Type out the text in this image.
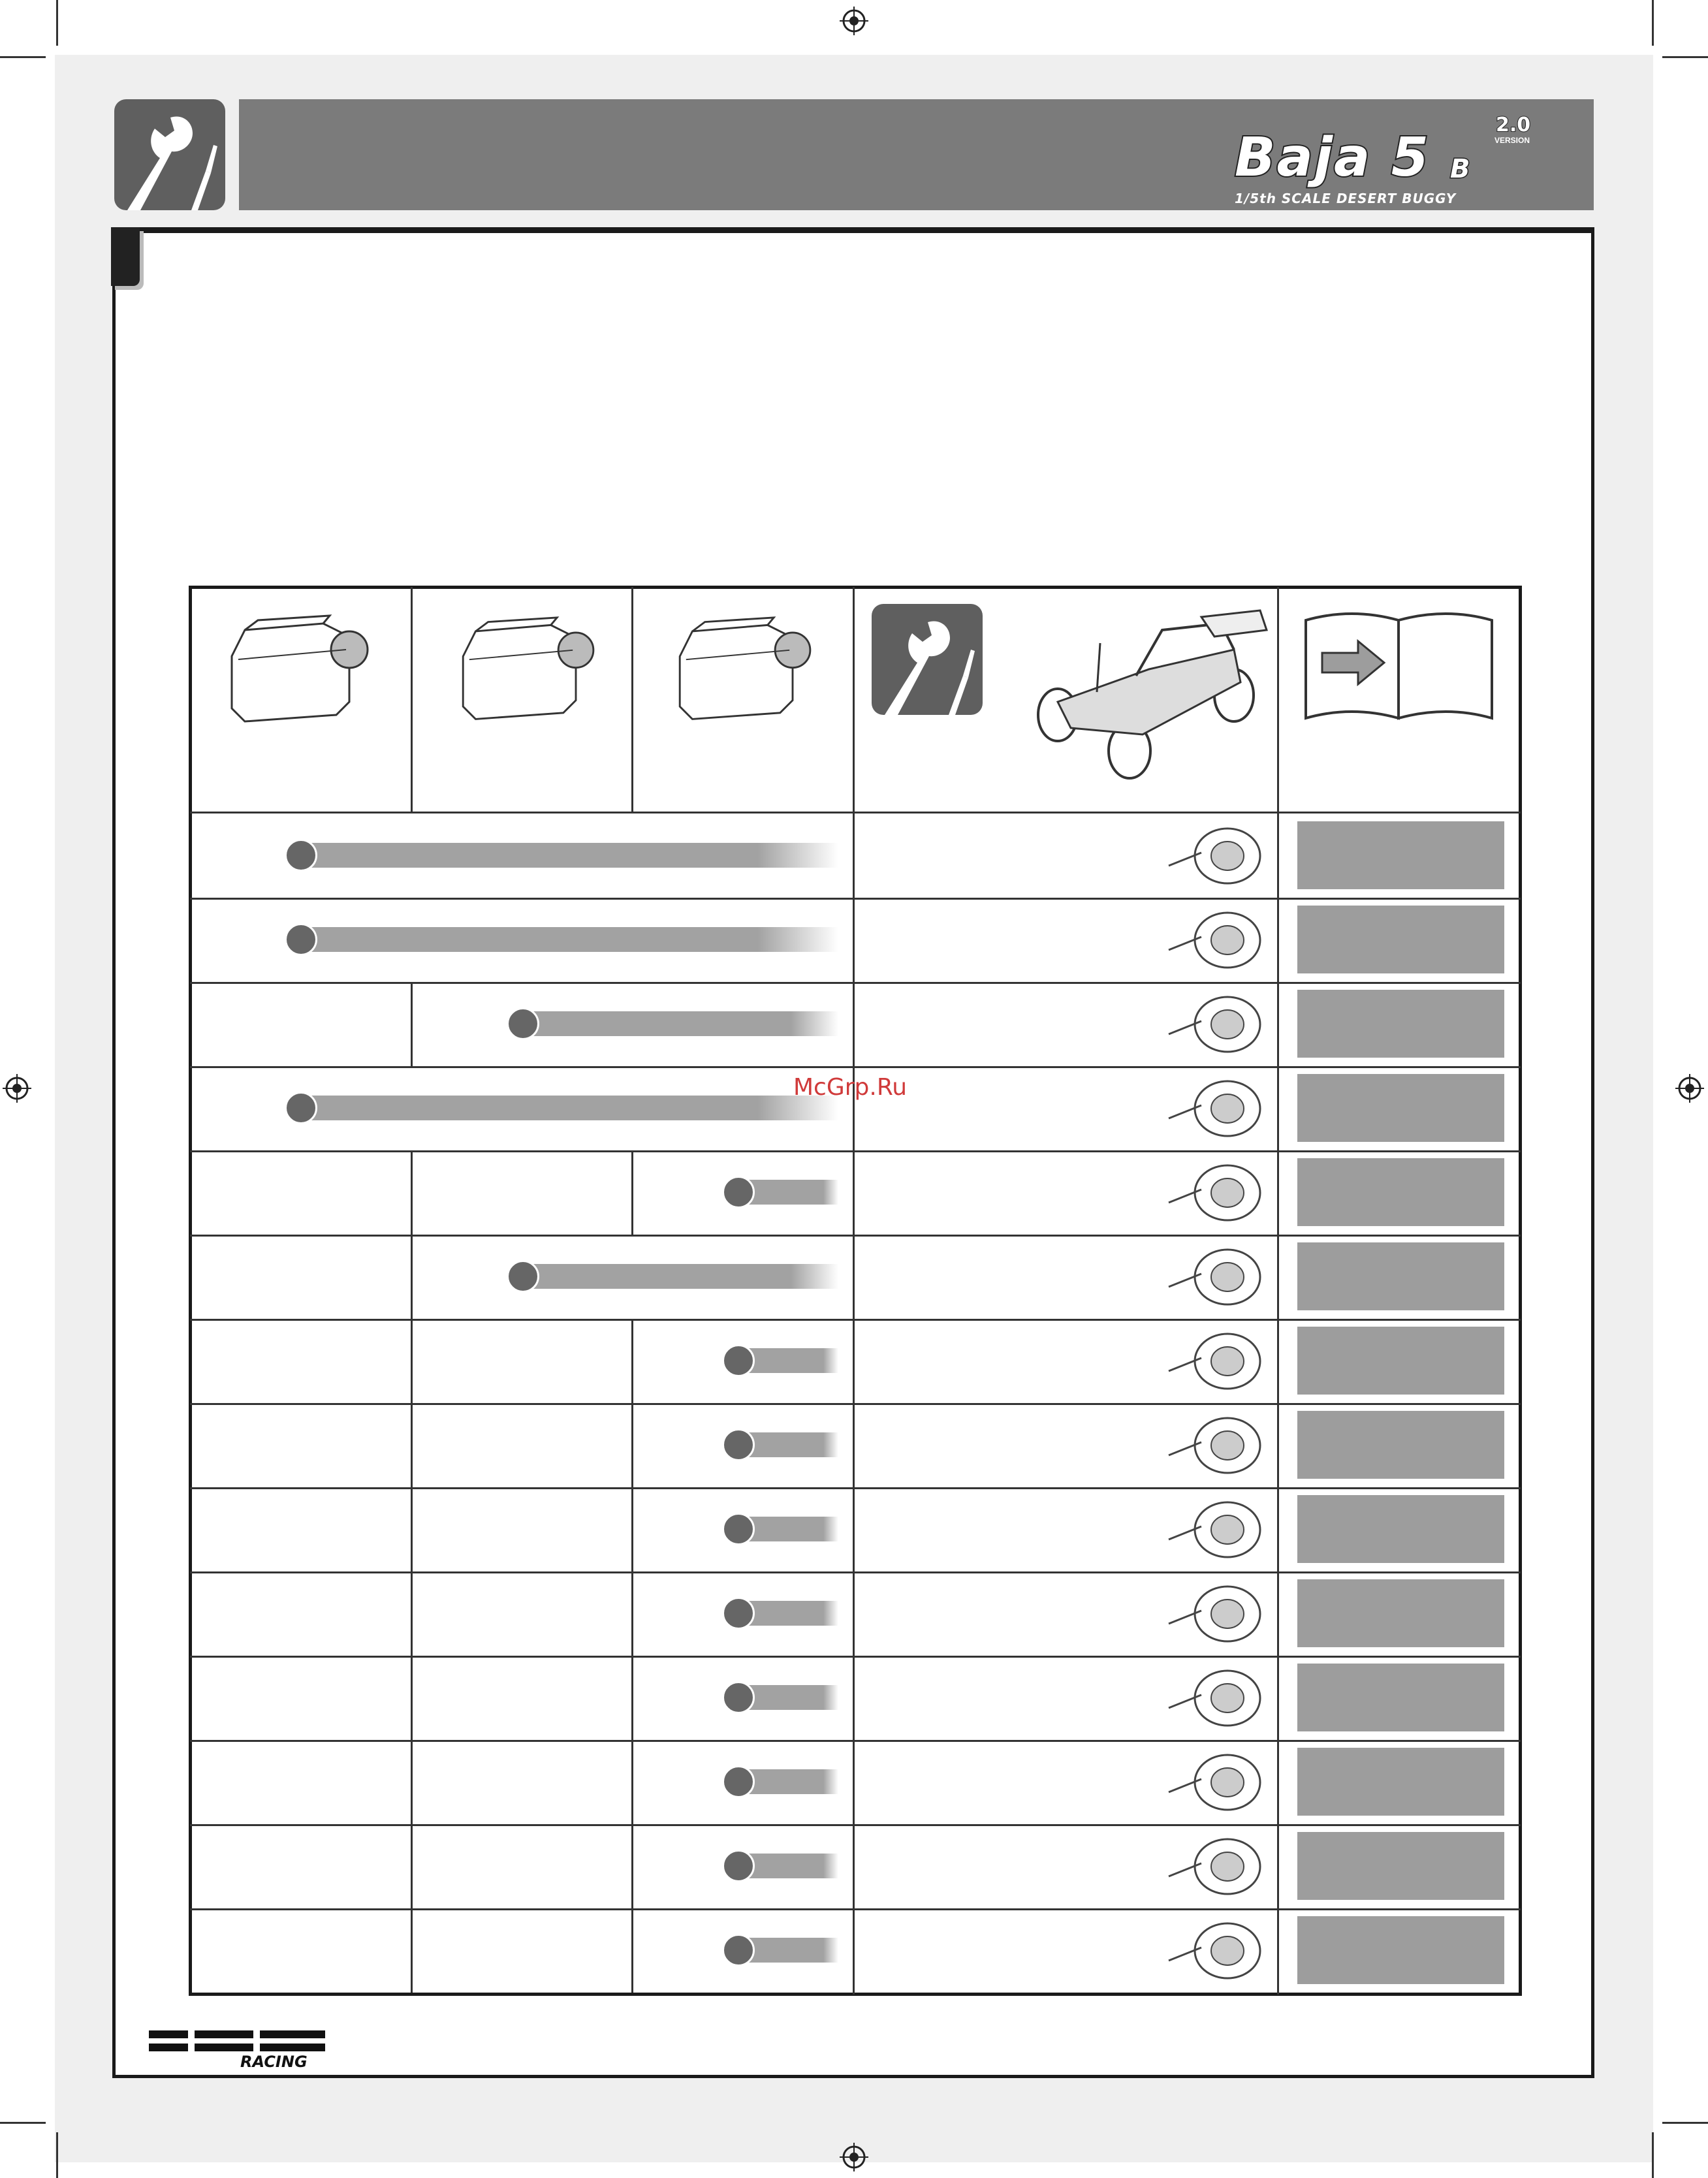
Baja 5 B
2.0
VERSION
1/5th SCALE DESERT BUGGY
McGrp.Ru
RACING
